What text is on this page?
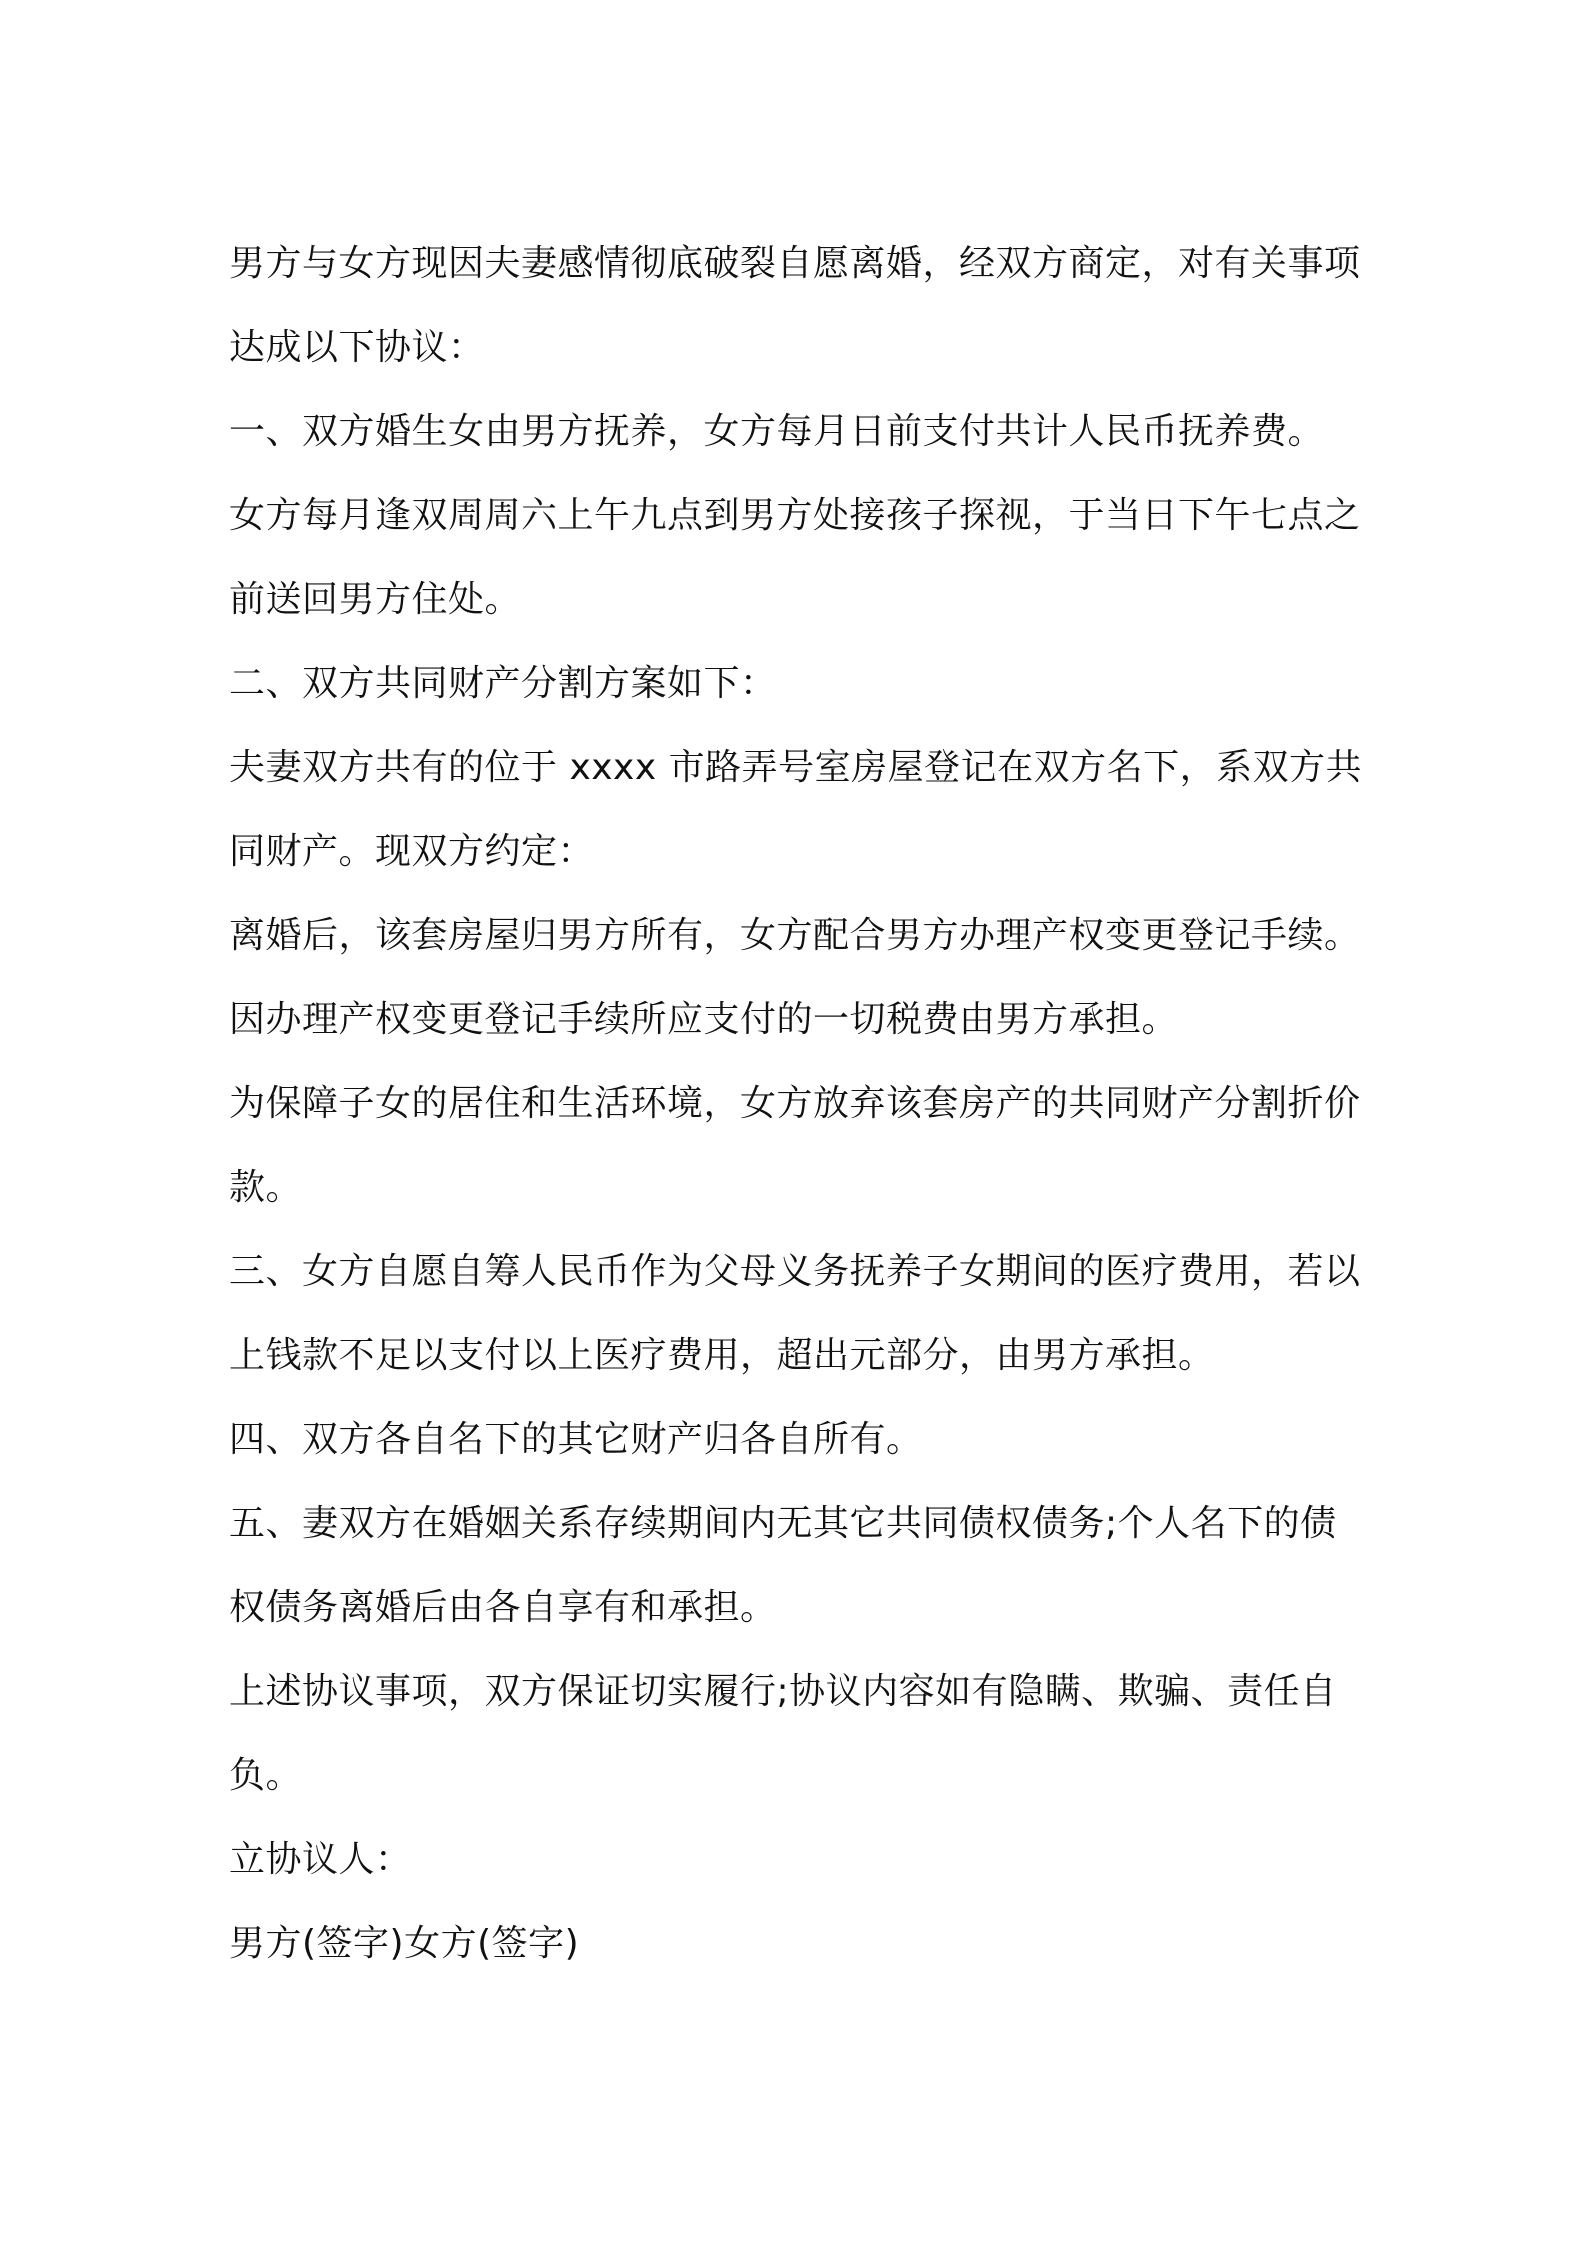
男方与女方现因夫妻感情彻底破裂自愿离婚，经双方商定，对有关事项达成以下协议：

一、双方婚生女由男方抚养，女方每月日前支付共计人民币抚养费。

女方每月逢双周周六上午九点到男方处接孩子探视，于当日下午七点之前送回男方住处。

二、双方共同财产分割方案如下：

夫妻双方共有的位于 xxxx 市路弄号室房屋登记在双方名下，系双方共同财产。现双方约定：

离婚后，该套房屋归男方所有，女方配合男方办理产权变更登记手续。

因办理产权变更登记手续所应支付的一切税费由男方承担。

为保障子女的居住和生活环境，女方放弃该套房产的共同财产分割折价款。

三、女方自愿自筹人民币作为父母义务抚养子女期间的医疗费用，若以上钱款不足以支付以上医疗费用，超出元部分，由男方承担。

四、双方各自名下的其它财产归各自所有。

五、妻双方在婚姻关系存续期间内无其它共同债权债务;个人名下的债权债务离婚后由各自享有和承担。

上述协议事项，双方保证切实履行;协议内容如有隐瞒、欺骗、责任自负。

立协议人：

男方(签字)女方(签字)
